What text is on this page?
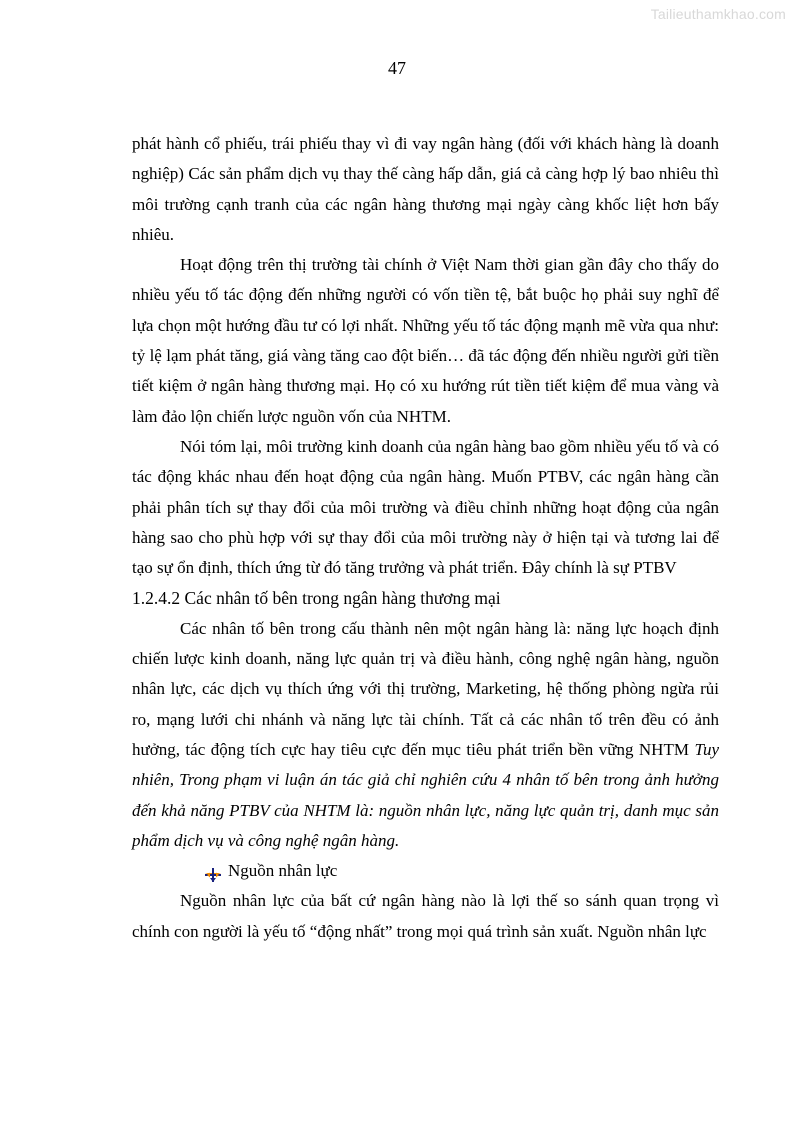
Tailieuthamkhao.com
47

phát hành cổ phiếu, trái phiếu thay vì đi vay ngân hàng (đối với khách hàng là doanh nghiệp) Các sản phẩm dịch vụ thay thế càng hấp dẫn, giá cả càng hợp lý bao nhiêu thì môi trường cạnh tranh của các ngân hàng thương mại ngày càng khốc liệt hơn bấy nhiêu.

Hoạt động trên thị trường tài chính ở Việt Nam thời gian gần đây cho thấy do nhiều yếu tố tác động đến những người có vốn tiền tệ, bắt buộc họ phải suy nghĩ để lựa chọn một hướng đầu tư có lợi nhất. Những yếu tố tác động mạnh mẽ vừa qua như: tỷ lệ lạm phát tăng, giá vàng tăng cao đột biến… đã tác động đến nhiều người gửi tiền tiết kiệm ở ngân hàng thương mại. Họ có xu hướng rút tiền tiết kiệm để mua vàng và làm đảo lộn chiến lược nguồn vốn của NHTM.

Nói tóm lại, môi trường kinh doanh của ngân hàng bao gồm nhiều yếu tố và có tác động khác nhau đến hoạt động của ngân hàng. Muốn PTBV, các ngân hàng cần phải phân tích sự thay đổi của môi trường và điều chỉnh những hoạt động của ngân hàng sao cho phù hợp với sự thay đổi của môi trường này ở hiện tại và tương lai để tạo sự ổn định, thích ứng từ đó tăng trưởng và phát triển. Đây chính là sự PTBV

1.2.4.2 Các nhân tố bên trong ngân hàng thương mại

Các nhân tố bên trong cấu thành nên một ngân hàng là: năng lực hoạch định chiến lược kinh doanh, năng lực quản trị và điều hành, công nghệ ngân hàng, nguồn nhân lực, các dịch vụ thích ứng với thị trường, Marketing, hệ thống phòng ngừa rủi ro, mạng lưới chi nhánh và năng lực tài chính. Tất cả các nhân tố trên đều có ảnh hưởng, tác động tích cực hay tiêu cực đến mục tiêu phát triển bền vững NHTM Tuy nhiên, Trong phạm vi luận án tác giả chỉ nghiên cứu 4 nhân tố bên trong ảnh hưởng đến khả năng PTBV của NHTM là: nguồn nhân lực, năng lực quản trị, danh mục sản phẩm dịch vụ và công nghệ ngân hàng.

Nguồn nhân lực

Nguồn nhân lực của bất cứ ngân hàng nào là lợi thế so sánh quan trọng vì chính con người là yếu tố “động nhất” trong mọi quá trình sản xuất. Nguồn nhân lực
